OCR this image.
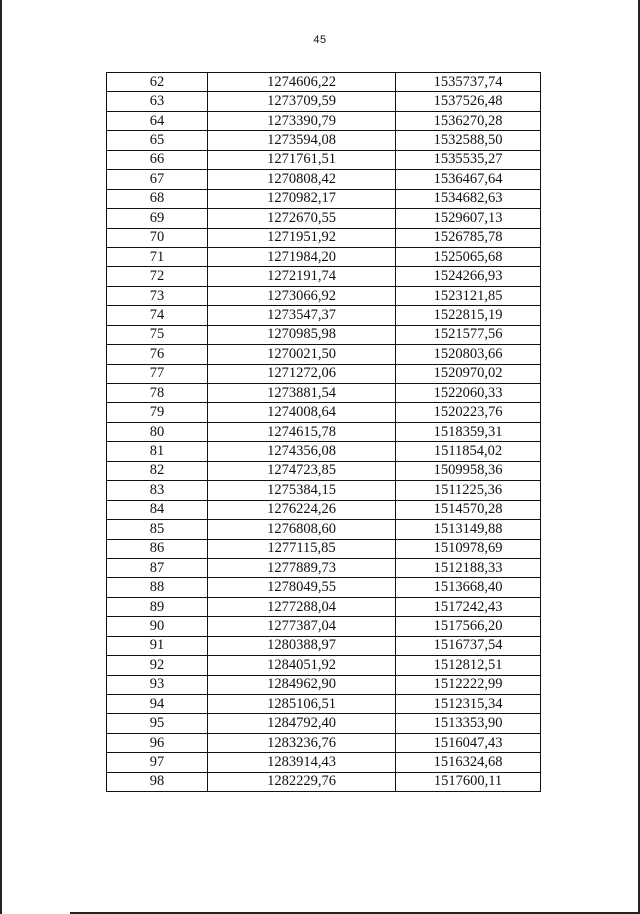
45
62	1274606,22	1535737,74
63	1273709,59	1537526,48
64	1273390,79	1536270,28
65	1273594,08	1532588,50
66	1271761,51	1535535,27
67	1270808,42	1536467,64
68	1270982,17	1534682,63
69	1272670,55	1529607,13
70	1271951,92	1526785,78
71	1271984,20	1525065,68
72	1272191,74	1524266,93
73	1273066,92	1523121,85
74	1273547,37	1522815,19
75	1270985,98	1521577,56
76	1270021,50	1520803,66
77	1271272,06	1520970,02
78	1273881,54	1522060,33
79	1274008,64	1520223,76
80	1274615,78	1518359,31
81	1274356,08	1511854,02
82	1274723,85	1509958,36
83	1275384,15	1511225,36
84	1276224,26	1514570,28
85	1276808,60	1513149,88
86	1277115,85	1510978,69
87	1277889,73	1512188,33
88	1278049,55	1513668,40
89	1277288,04	1517242,43
90	1277387,04	1517566,20
91	1280388,97	1516737,54
92	1284051,92	1512812,51
93	1284962,90	1512222,99
94	1285106,51	1512315,34
95	1284792,40	1513353,90
96	1283236,76	1516047,43
97	1283914,43	1516324,68
98	1282229,76	1517600,11
